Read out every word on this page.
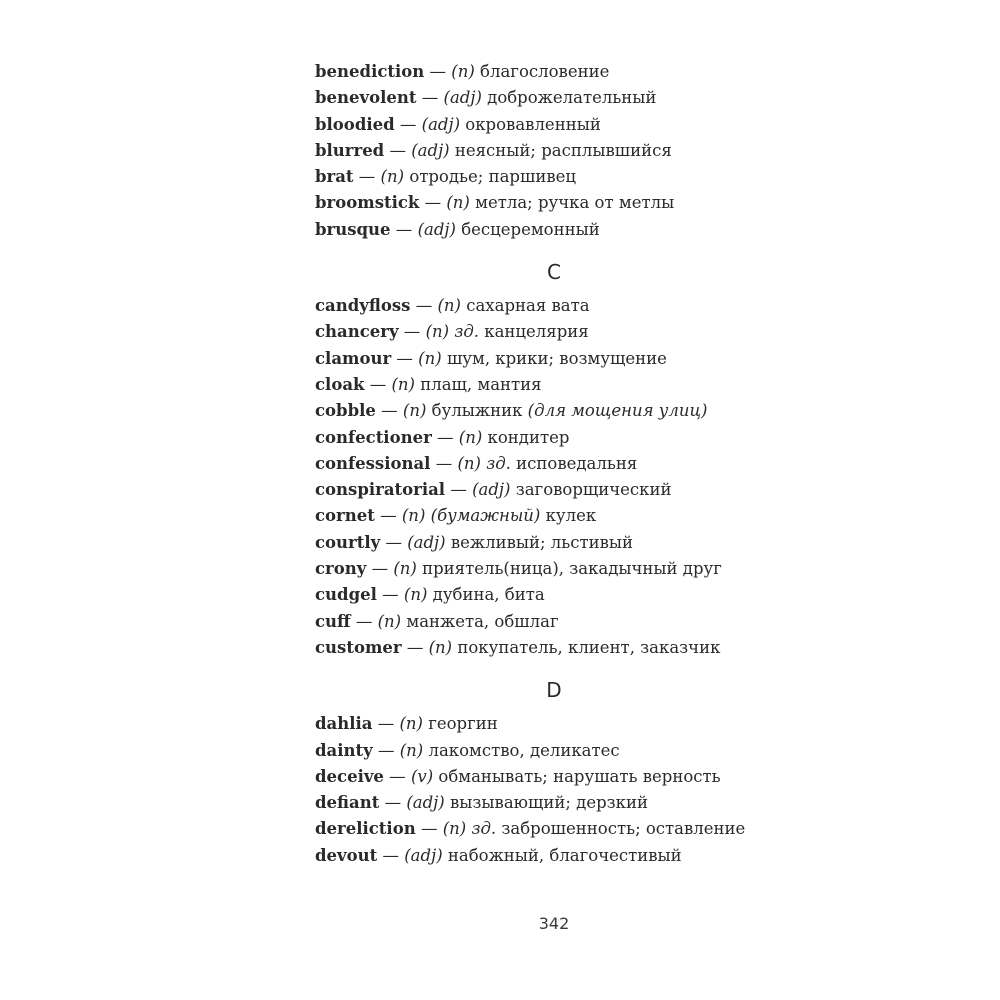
benediction — (n) благословение
benevolent — (adj) доброжелательный
bloodied — (adj) окровавленный
blurred — (adj) неясный; расплывшийся
brat — (n) отродье; паршивец
broomstick — (n) метла; ручка от метлы
brusque — (adj) бесцеремонный
C
candyfloss — (n) сахарная вата
chancery — (n) зд. канцелярия
clamour — (n) шум, крики; возмущение
cloak — (n) плащ, мантия
cobble — (n) булыжник (для мощения улиц)
confectioner — (n) кондитер
confessional — (n) зд. исповедальня
conspiratorial — (adj) заговорщический
cornet — (n) (бумажный) кулек
courtly — (adj) вежливый; льстивый
crony — (n) приятель(ница), закадычный друг
cudgel — (n) дубина, бита
cuff — (n) манжета, обшлаг
customer — (n) покупатель, клиент, заказчик
D
dahlia — (n) георгин
dainty — (n) лакомство, деликатес
deceive — (v) обманывать; нарушать верность
defiant — (adj) вызывающий; дерзкий
dereliction — (n) зд. заброшенность; оставление
devout — (adj) набожный, благочестивый
342
